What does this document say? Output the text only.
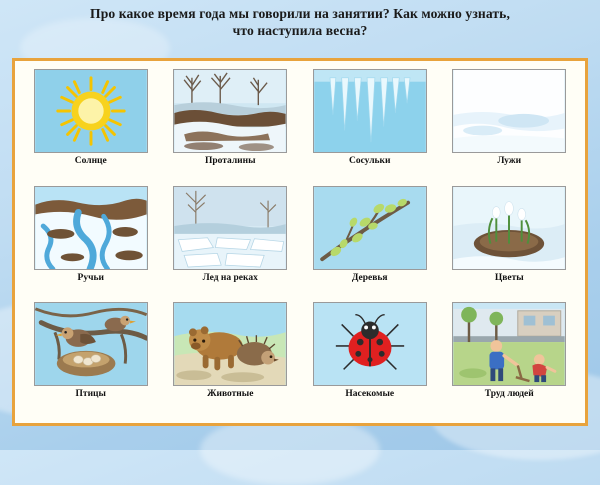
Про какое время года мы говорили на занятии? Как можно узнать,
что наступила весна?
Солнце	Проталины	Сосульки	Лужи
Ручьи	Лед на реках	Деревья	Цветы
Птицы	Животные	Насекомые	Труд людей
